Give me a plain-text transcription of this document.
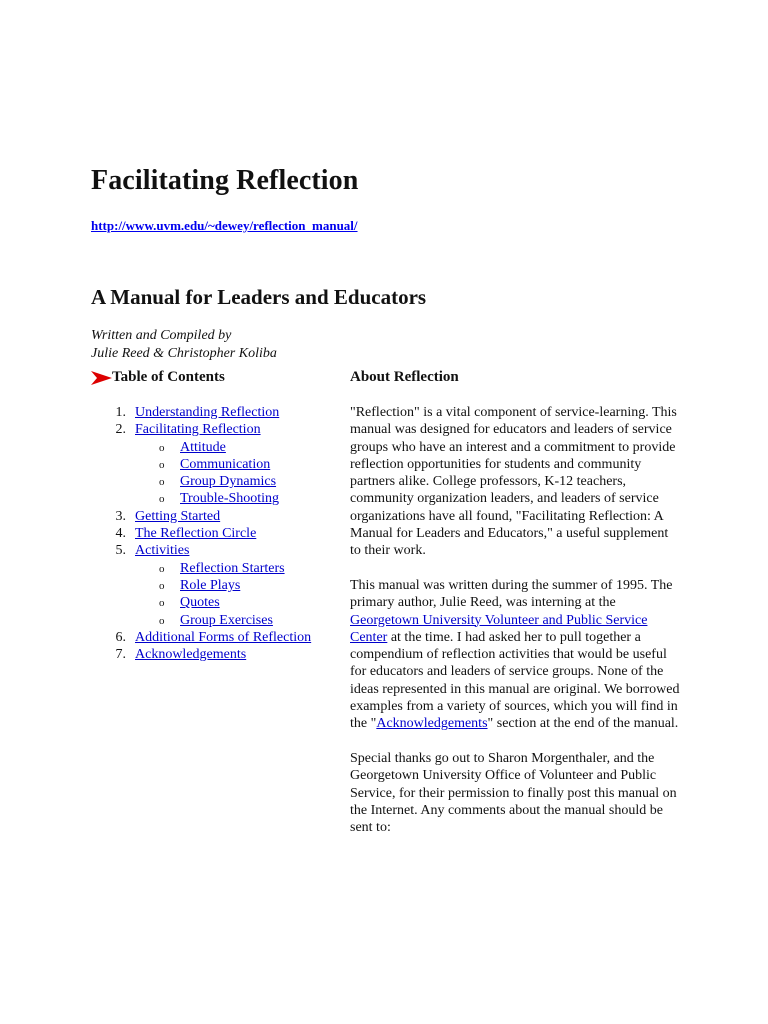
Facilitating Reflection
http://www.uvm.edu/~dewey/reflection_manual/
A Manual for Leaders and Educators
Written and Compiled by
Julie Reed & Christopher Koliba
Table of Contents	About Reflection
1. Understanding Reflection
2. Facilitating Reflection
o Attitude
o Communication
o Group Dynamics
o Trouble-Shooting
3. Getting Started
4. The Reflection Circle
5. Activities
o Reflection Starters
o Role Plays
o Quotes
o Group Exercises
6. Additional Forms of Reflection
7. Acknowledgements

"Reflection" is a vital component of service-learning. This manual was designed for educators and leaders of service groups who have an interest and a commitment to provide reflection opportunities for students and community partners alike. College professors, K-12 teachers, community organization leaders, and leaders of service organizations have all found, "Facilitating Reflection: A Manual for Leaders and Educators," a useful supplement to their work.

This manual was written during the summer of 1995. The primary author, Julie Reed, was interning at the Georgetown University Volunteer and Public Service Center at the time. I had asked her to pull together a compendium of reflection activities that would be useful for educators and leaders of service groups. None of the ideas represented in this manual are original. We borrowed examples from a variety of sources, which you will find in the "Acknowledgements" section at the end of the manual.

Special thanks go out to Sharon Morgenthaler, and the Georgetown University Office of Volunteer and Public Service, for their permission to finally post this manual on the Internet. Any comments about the manual should be sent to:
